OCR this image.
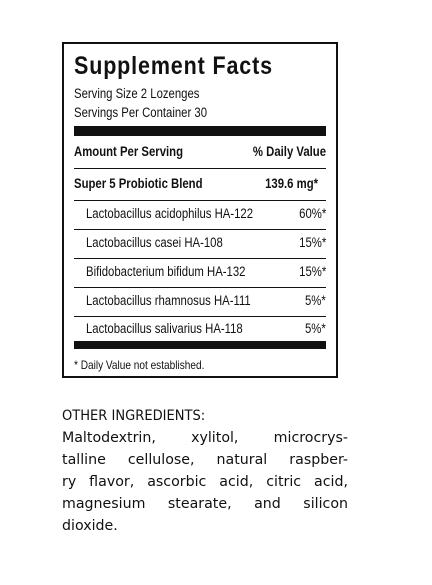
Supplement Facts
Serving Size 2 Lozenges
Servings Per Container 30
Amount Per Serving	% Daily Value
Super 5 Probiotic Blend	139.6 mg*
Lactobacillus acidophilus HA-122	60%*
Lactobacillus casei HA-108	15%*
Bifidobacterium bifidum HA-132	15%*
Lactobacillus rhamnosus HA-111	5%*
Lactobacillus salivarius HA-118	5%*
* Daily Value not established.
OTHER INGREDIENTS:
Maltodextrin, xylitol, microcrys-
talline cellulose, natural raspber-
ry flavor, ascorbic acid, citric acid,
magnesium stearate, and silicon
dioxide.
